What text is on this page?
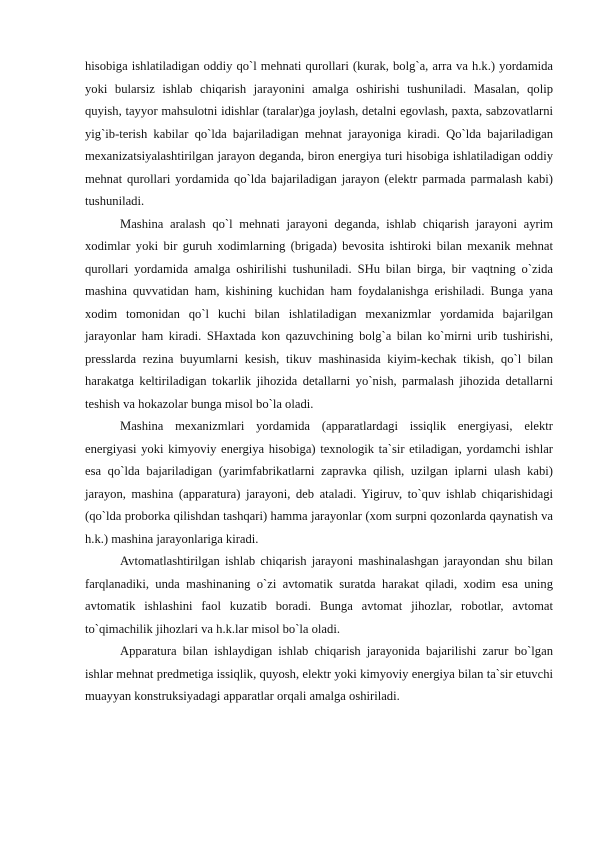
hisobiga ishlatiladigan oddiy qo`l mehnati qurollari (kurak, bolg`a, arra va h.k.) yordamida yoki bularsiz ishlab chiqarish jarayonini amalga oshirishi tushuniladi. Masalan, qolip quyish, tayyor mahsulotni idishlar (taralar)ga joylash, detalni egovlash, paxta, sabzovatlarni yig`ib-terish kabilar qo`lda bajariladigan mehnat jarayoniga kiradi. Qo`lda bajariladigan mexanizatsiyalashtirilgan jarayon deganda, biron energiya turi hisobiga ishlatiladigan oddiy mehnat qurollari yordamida qo`lda bajariladigan jarayon (elektr parmada parmalash kabi) tushuniladi.

Mashina aralash qo`l mehnati jarayoni deganda, ishlab chiqarish jarayoni ayrim xodimlar yoki bir guruh xodimlarning (brigada) bevosita ishtiroki bilan mexanik mehnat qurollari yordamida amalga oshirilishi tushuniladi. SHu bilan birga, bir vaqtning o`zida mashina quvvatidan ham, kishining kuchidan ham foydalanishga erishiladi. Bunga yana xodim tomonidan qo`l kuchi bilan ishlatiladigan mexanizmlar yordamida bajarilgan jarayonlar ham kiradi. SHaxtada kon qazuvchining bolg`a bilan ko`mirni urib tushirishi, presslarda rezina buyumlarni kesish, tikuv mashinasida kiyim-kechak tikish, qo`l bilan harakatga keltiriladigan tokarlik jihozida detallarni yo`nish, parmalash jihozida detallarni teshish va hokazolar bunga misol bo`la oladi.

Mashina mexanizmlari yordamida (apparatlardagi issiqlik energiyasi, elektr energiyasi yoki kimyoviy energiya hisobiga) texnologik ta`sir etiladigan, yordamchi ishlar esa qo`lda bajariladigan (yarimfabrikatlarni zapravka qilish, uzilgan iplarni ulash kabi) jarayon, mashina (apparatura) jarayoni, deb ataladi. Yigiruv, to`quv ishlab chiqarishidagi (qo`lda proborka qilishdan tashqari) hamma jarayonlar (xom surpni qozonlarda qaynatish va h.k.) mashina jarayonlariga kiradi.

Avtomatlashtirilgan ishlab chiqarish jarayoni mashinalashgan jarayondan shu bilan farqlanadiki, unda mashinaning o`zi avtomatik suratda harakat qiladi, xodim esa uning avtomatik ishlashini faol kuzatib boradi. Bunga avtomat jihozlar, robotlar, avtomat to`qimachilik jihozlari va h.k.lar misol bo`la oladi.

Apparatura bilan ishlaydigan ishlab chiqarish jarayonida bajarilishi zarur bo`lgan ishlar mehnat predmetiga issiqlik, quyosh, elektr yoki kimyoviy energiya bilan ta`sir etuvchi muayyan konstruksiyadagi apparatlar orqali amalga oshiriladi.
